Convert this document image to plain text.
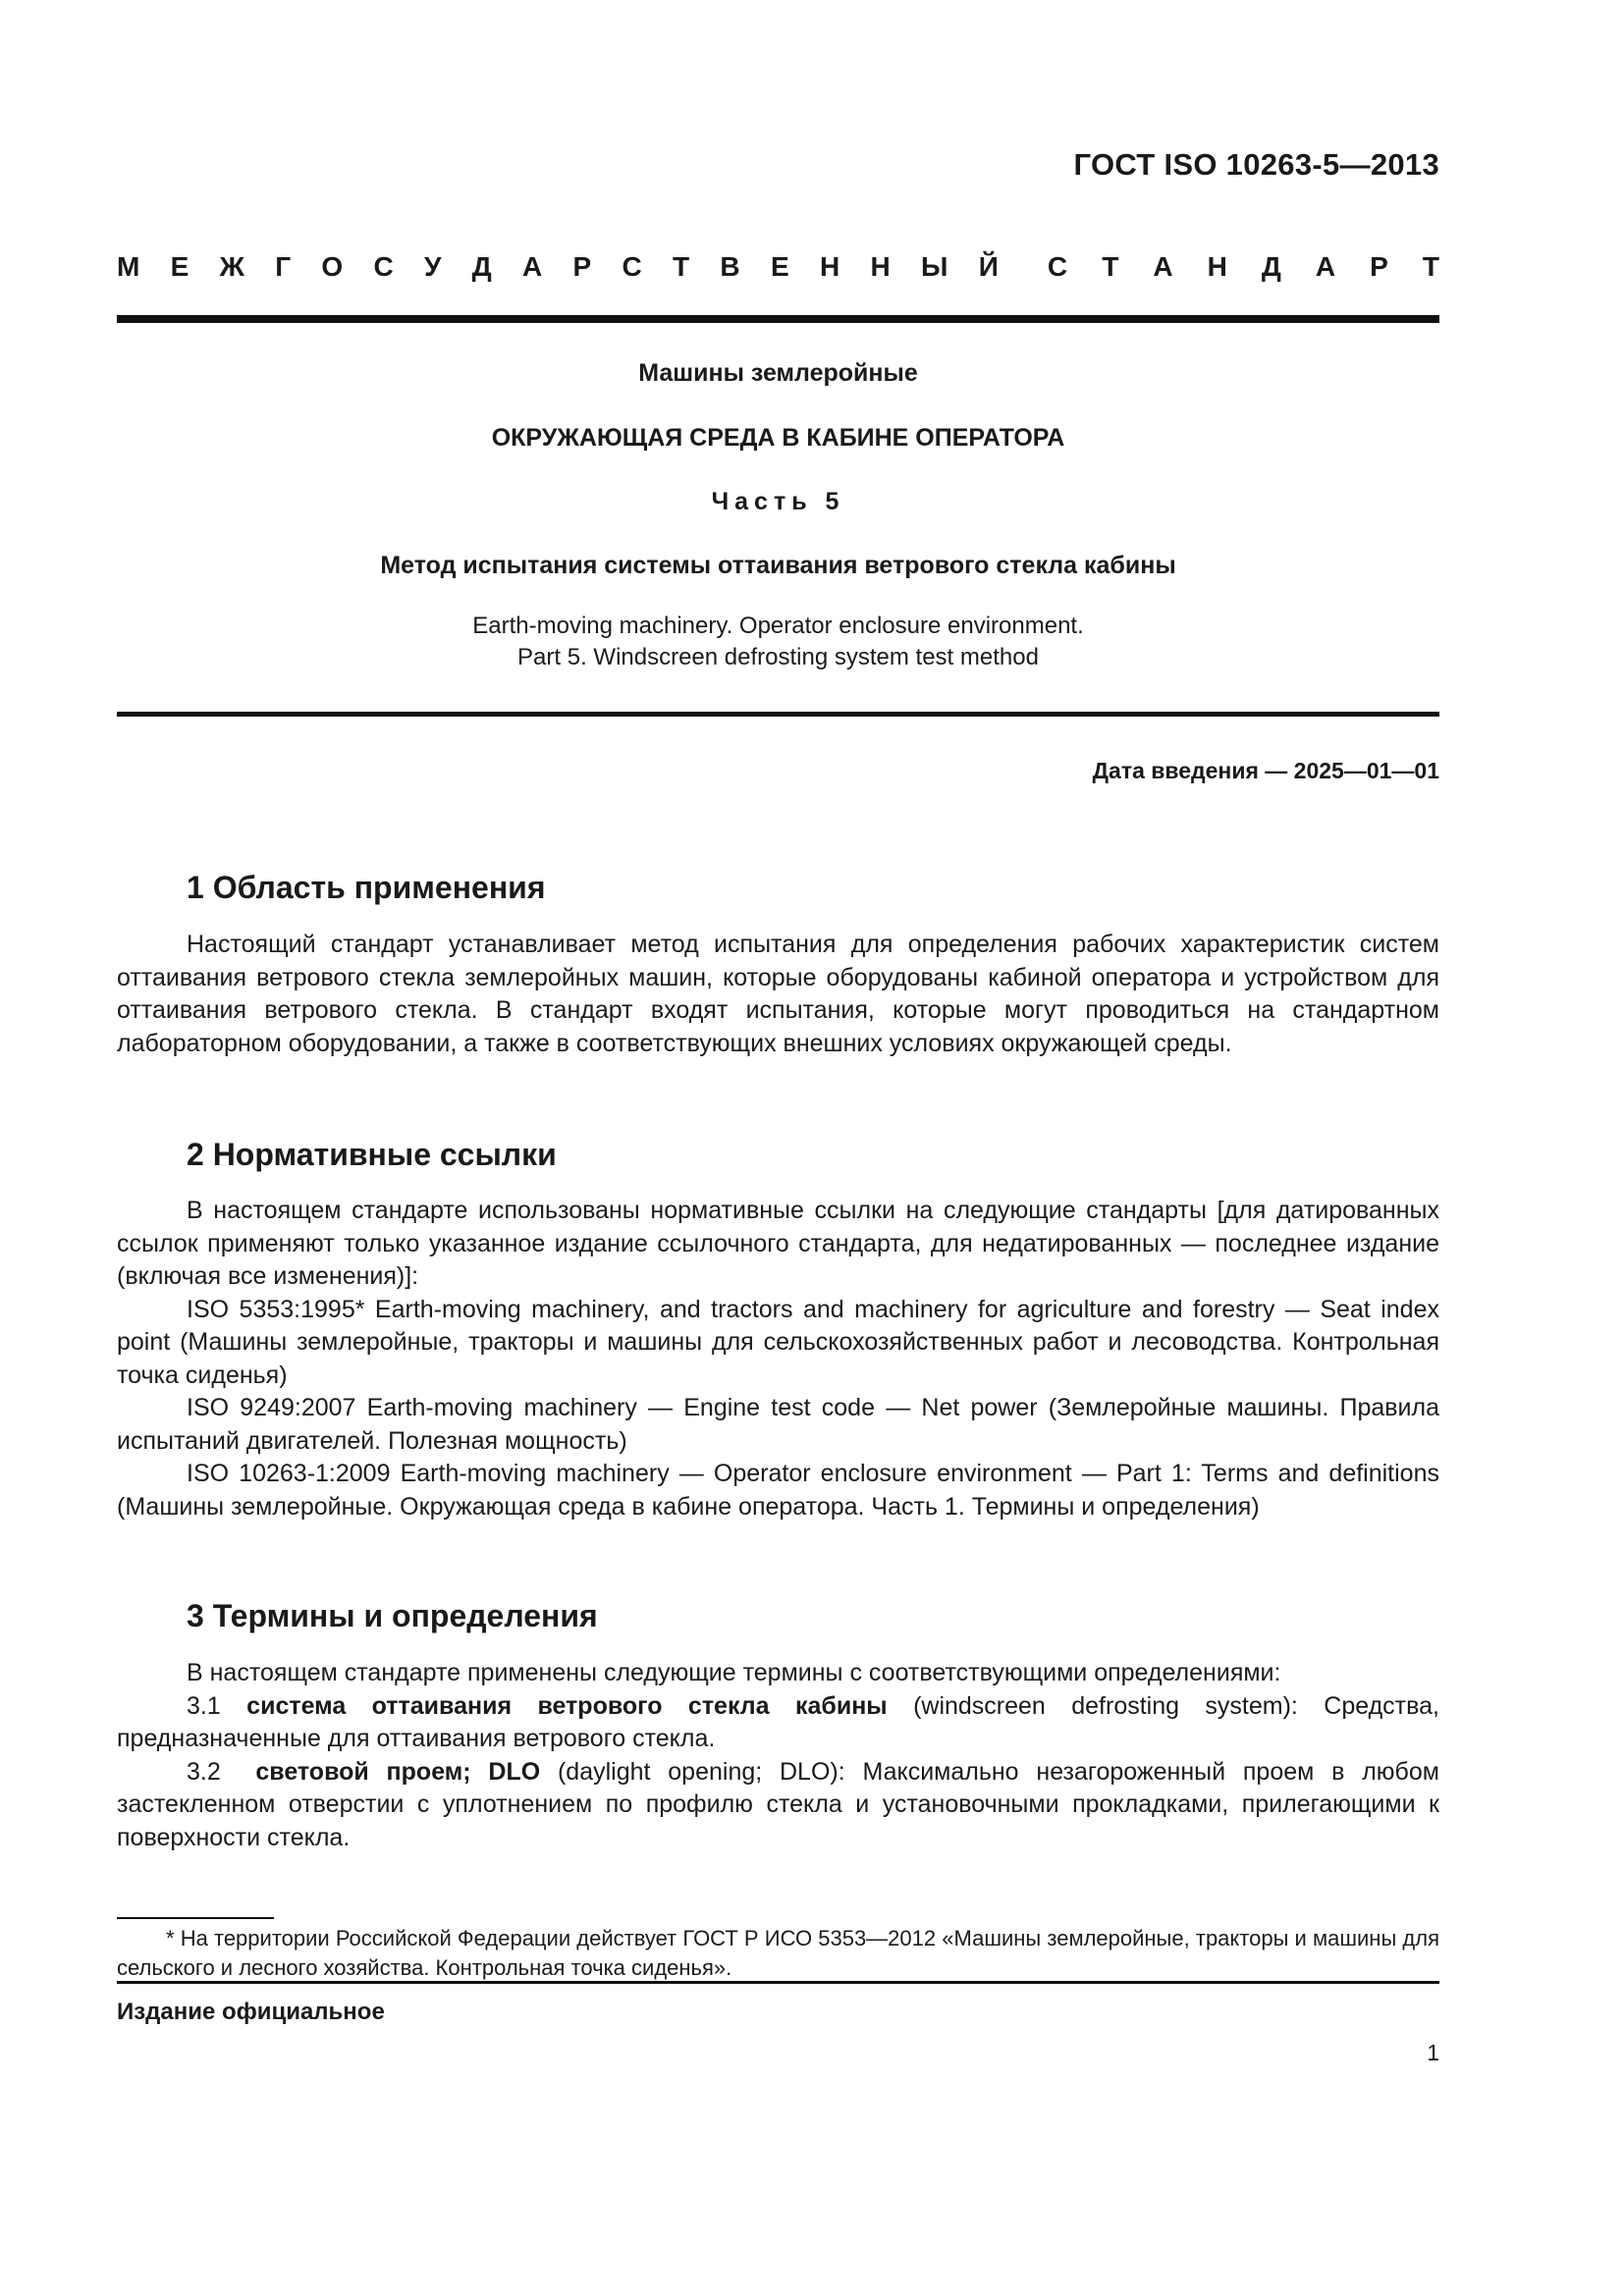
ГОСТ ISO 10263-5—2013
М Е Ж Г О С У Д А Р С Т В Е Н Н Ы Й С Т А Н Д А Р Т
Машины землеройные
ОКРУЖАЮЩАЯ СРЕДА В КАБИНЕ ОПЕРАТОРА
Часть 5
Метод испытания системы оттаивания ветрового стекла кабины
Earth-moving machinery. Operator enclosure environment.
Part 5. Windscreen defrosting system test method
Дата введения — 2025—01—01
1 Область применения

Настоящий стандарт устанавливает метод испытания для определения рабочих характеристик систем оттаивания ветрового стекла землеройных машин, которые оборудованы кабиной оператора и устройством для оттаивания ветрового стекла. В стандарт входят испытания, которые могут проводиться на стандартном лабораторном оборудовании, а также в соответствующих внешних условиях окружающей среды.

2 Нормативные ссылки

В настоящем стандарте использованы нормативные ссылки на следующие стандарты [для датированных ссылок применяют только указанное издание ссылочного стандарта, для недатированных — последнее издание (включая все изменения)]:

ISO 5353:1995* Earth-moving machinery, and tractors and machinery for agriculture and forestry — Seat index point (Машины землеройные, тракторы и машины для сельскохозяйственных работ и лесоводства. Контрольная точка сиденья)

ISO 9249:2007 Earth-moving machinery — Engine test code — Net power (Землеройные машины. Правила испытаний двигателей. Полезная мощность)

ISO 10263-1:2009 Earth-moving machinery — Operator enclosure environment — Part 1: Terms and definitions (Машины землеройные. Окружающая среда в кабине оператора. Часть 1. Термины и определения)

3 Термины и определения

В настоящем стандарте применены следующие термины с соответствующими определениями:

3.1 система оттаивания ветрового стекла кабины (windscreen defrosting system): Средства, предназначенные для оттаивания ветрового стекла.

3.2 световой проем; DLO (daylight opening; DLO): Максимально незагороженный проем в любом застекленном отверстии с уплотнением по профилю стекла и установочными прокладками, прилегающими к поверхности стекла.

* На территории Российской Федерации действует ГОСТ Р ИСО 5353—2012 «Машины землеройные, тракторы и машины для сельского и лесного хозяйства. Контрольная точка сиденья».
Издание официальное
1
